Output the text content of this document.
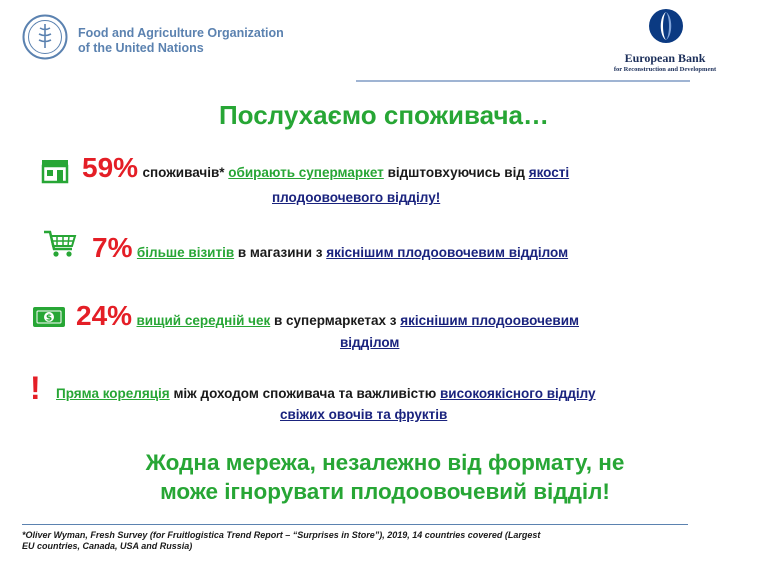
Food and Agriculture Organization
of the United Nations
European Bank
for Reconstruction and Development
Послухаємо споживача…
59% споживачів* обирають супермаркет відштовхуючись від якості
плодоовочевого відділу!
7% більше візитів в магазини з якіснішим плодоовочевим відділом
$ 24% вищий середній чек в супермаркетах з якіснішим плодоовочевим
відділом
! Пряма кореляція між доходом споживача та важливістю високоякісного відділу
свіжих овочів та фруктів
Жодна мережа, незалежно від формату, не
може ігнорувати плодоовочевий відділ!
*Oliver Wyman, Fresh Survey (for Fruitlogistica Trend Report – “Surprises in Store”), 2019, 14 countries covered (Largest
EU countries, Canada, USA and Russia)
